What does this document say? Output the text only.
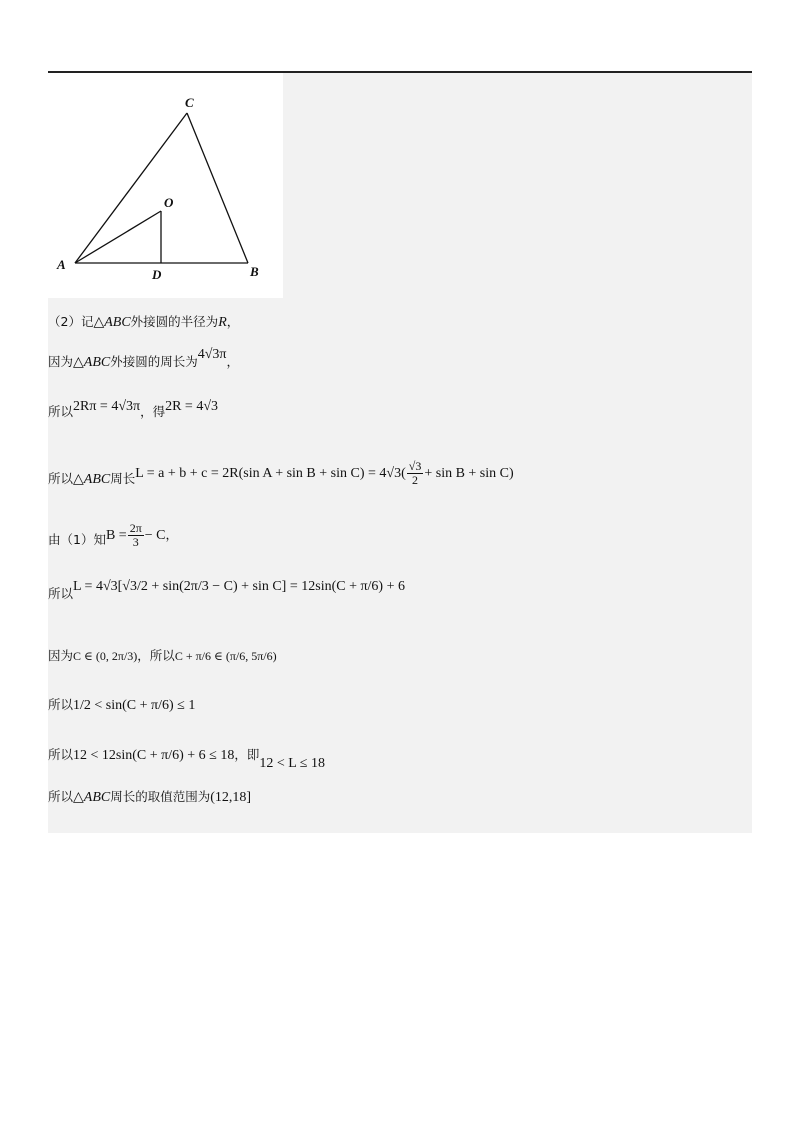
C
O
A
D	B
（2）记△ABC外接圆的半径为R，
因为△ABC外接圆的周长为4√3π，
所以2Rπ = 4√3π，得2R = 4√3
所以△ABC周长L = a + b + c = 2R(sin $A + \sin B + \sin C) = 4√3( \frac{√3}{2} + \sin B + \sin C)$
由（1）知$B = \frac{2\pi}{3} - C$，
所以L = 4√3[√3/2 + sin(2π/3 − C) + sin C] = 12sin(C + π/6) + 6
因为C ∈ (0, 2π/3)，所以C + π/6 ∈ (π/6, 5π/6)
所以1/2 < sin(C + π/6) ≤ 1
所以12 < 12sin(C + π/6) + 6 ≤ 18，即12 < L ≤ 18
所以△ABC周长的取值范围为(12,18]
